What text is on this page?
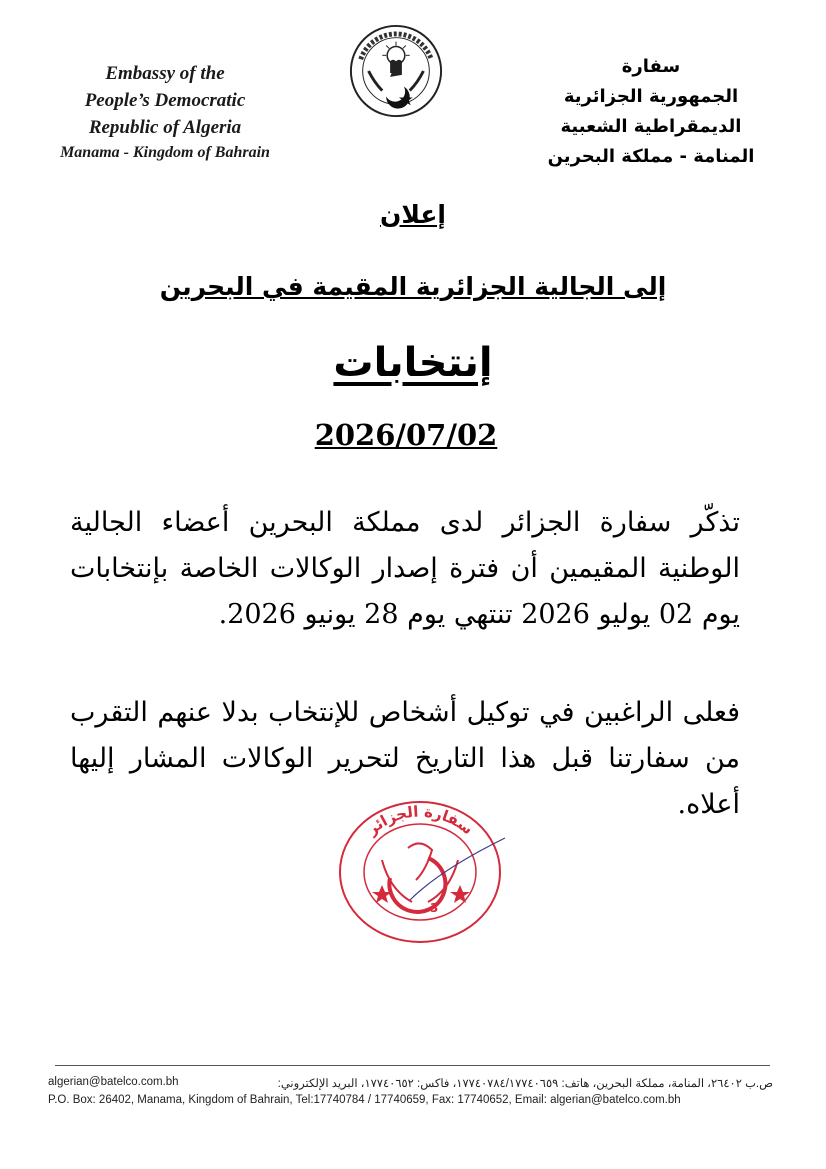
Embassy of the
People’s Democratic
Republic of Algeria
Manama - Kingdom of Bahrain
سفارة
الجمهورية الجزائرية
الديمقراطية الشعبية
المنامة - مملكة البحرين
إعلان
إلى الجالية الجزائرية المقيمة في البحرين
إنتخابات
2026/07/02
تذكّر سفارة الجزائر لدى مملكة البحرين أعضاء الجالية الوطنية المقيمين أن فترة إصدار الوكالات الخاصة بإنتخابات يوم 02 يوليو 2026 تنتهي يوم 28 يونيو 2026.
فعلى الراغبين في توكيل أشخاص للإنتخاب بدلا عنهم التقرب من سفارتنا قبل هذا التاريخ لتحرير الوكالات المشار إليها أعلاه.
سفارة الجزائر
3
algerian@batelco.com.bh	ص.ب ٢٦٤٠٢، المنامة، مملكة البحرين، هاتف: ١٧٧٤٠٧٨٤/١٧٧٤٠٦٥٩، فاكس: ١٧٧٤٠٦٥٢، البريد الإلكتروني:
P.O. Box: 26402, Manama, Kingdom of Bahrain, Tel:17740784 / 17740659, Fax: 17740652, Email: algerian@batelco.com.bh
